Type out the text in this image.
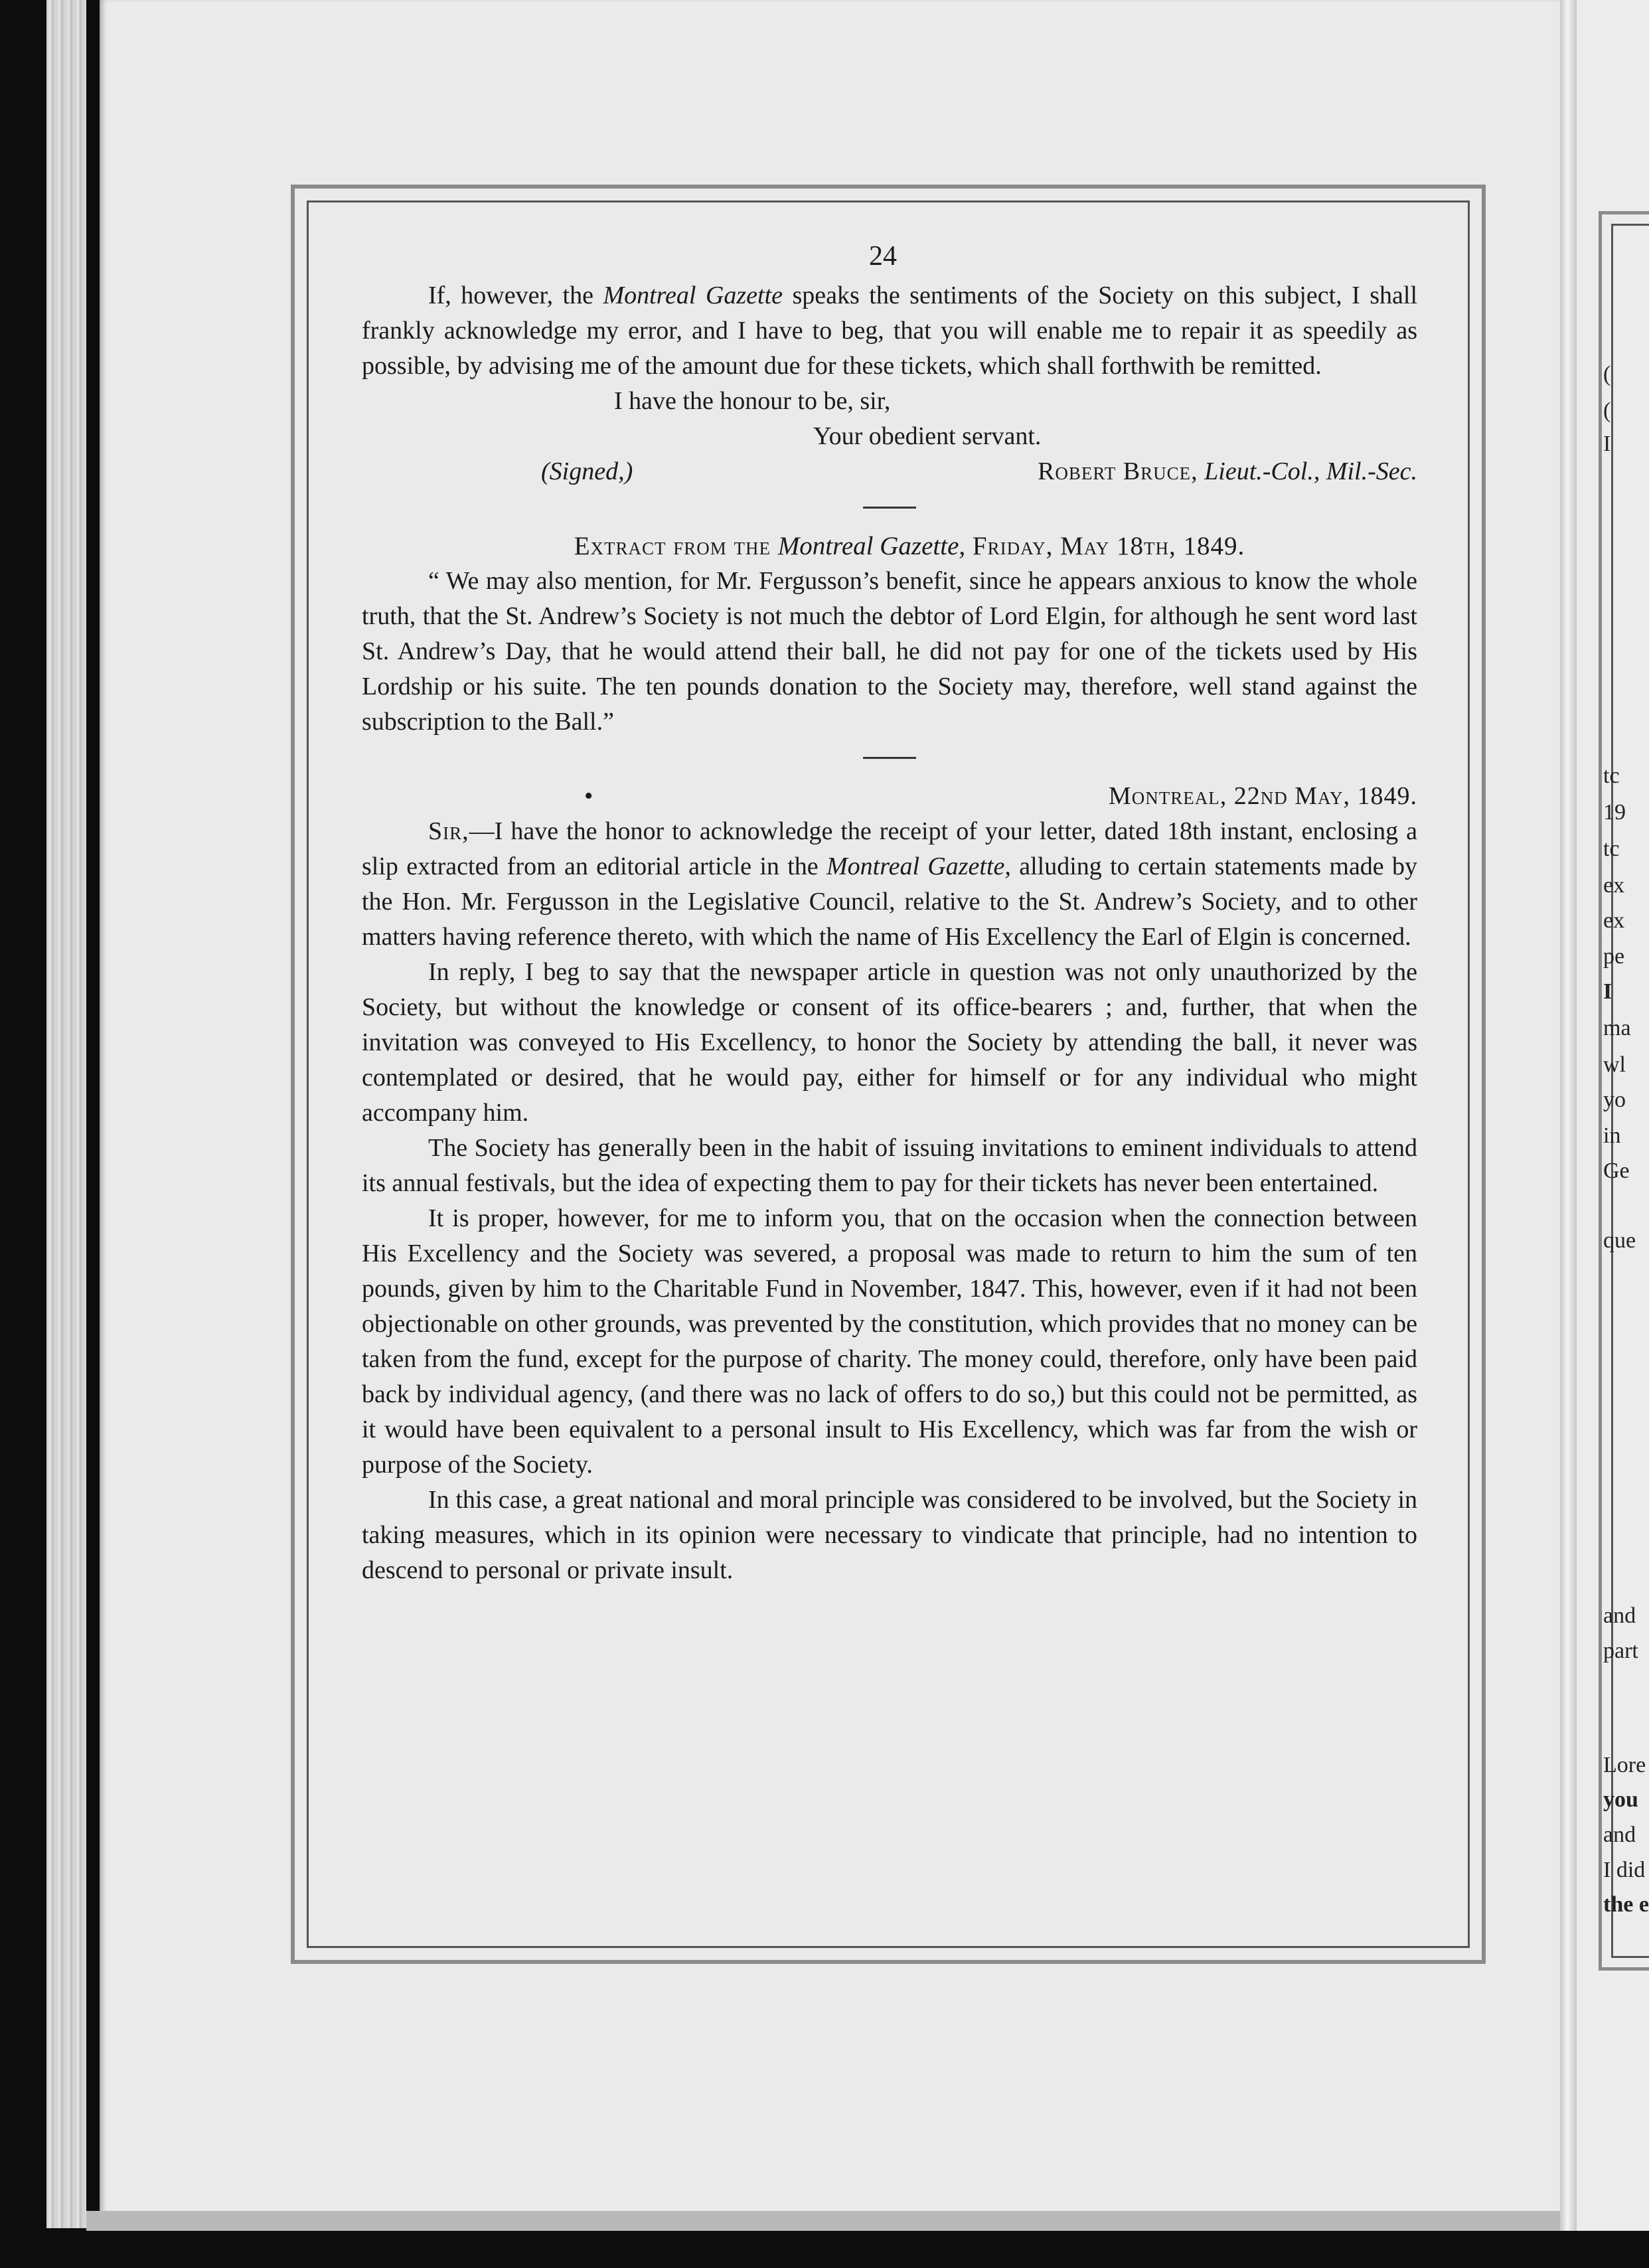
24

If, however, the Montreal Gazette speaks the sentiments of the Society on this subject, I shall frankly acknowledge my error, and I have to beg, that you will enable me to repair it as speedily as possible, by advising me of the amount due for these tickets, which shall forthwith be remitted.

I have the honour to be, sir,
Your obedient servant.
(Signed,)	Robert Bruce, Lieut.-Col., Mil.-Sec.
Extract from the Montreal Gazette, Friday, May 18th, 1849.

“ We may also mention, for Mr. Fergusson’s benefit, since he appears anxious to know the whole truth, that the St. Andrew’s Society is not much the debtor of Lord Elgin, for although he sent word last St. Andrew’s Day, that he would attend their ball, he did not pay for one of the tickets used by His Lordship or his suite. The ten pounds donation to the Society may, therefore, well stand against the subscription to the Ball.”

•	Montreal, 22nd May, 1849.

Sir,—I have the honor to acknowledge the receipt of your letter, dated 18th instant, enclosing a slip extracted from an editorial article in the Montreal Gazette, alluding to certain statements made by the Hon. Mr. Fergusson in the Legislative Council, relative to the St. Andrew’s Society, and to other matters having reference thereto, with which the name of His Excellency the Earl of Elgin is concerned.

In reply, I beg to say that the newspaper article in question was not only unauthorized by the Society, but without the knowledge or consent of its office-bearers ; and, further, that when the invitation was conveyed to His Excellency, to honor the Society by attending the ball, it never was contemplated or desired, that he would pay, either for himself or for any individual who might accompany him.

The Society has generally been in the habit of issuing invitations to eminent individuals to attend its annual festivals, but the idea of expecting them to pay for their tickets has never been entertained.

It is proper, however, for me to inform you, that on the occasion when the connection between His Excellency and the Society was severed, a proposal was made to return to him the sum of ten pounds, given by him to the Charitable Fund in November, 1847. This, however, even if it had not been objectionable on other grounds, was prevented by the constitution, which provides that no money can be taken from the fund, except for the purpose of charity. The money could, therefore, only have been paid back by individual agency, (and there was no lack of offers to do so,) but this could not be permitted, as it would have been equivalent to a personal insult to His Excellency, which was far from the wish or purpose of the Society.

In this case, a great national and moral principle was considered to be involved, but the Society in taking measures, which in its opinion were necessary to vindicate that principle, had no intention to descend to personal or private insult.

(
(
I
tc
19
tc
ex
ex
pe
I
ma
wl
yo
in
Ge
que
and
part
Lore
you
and
I did
the e
